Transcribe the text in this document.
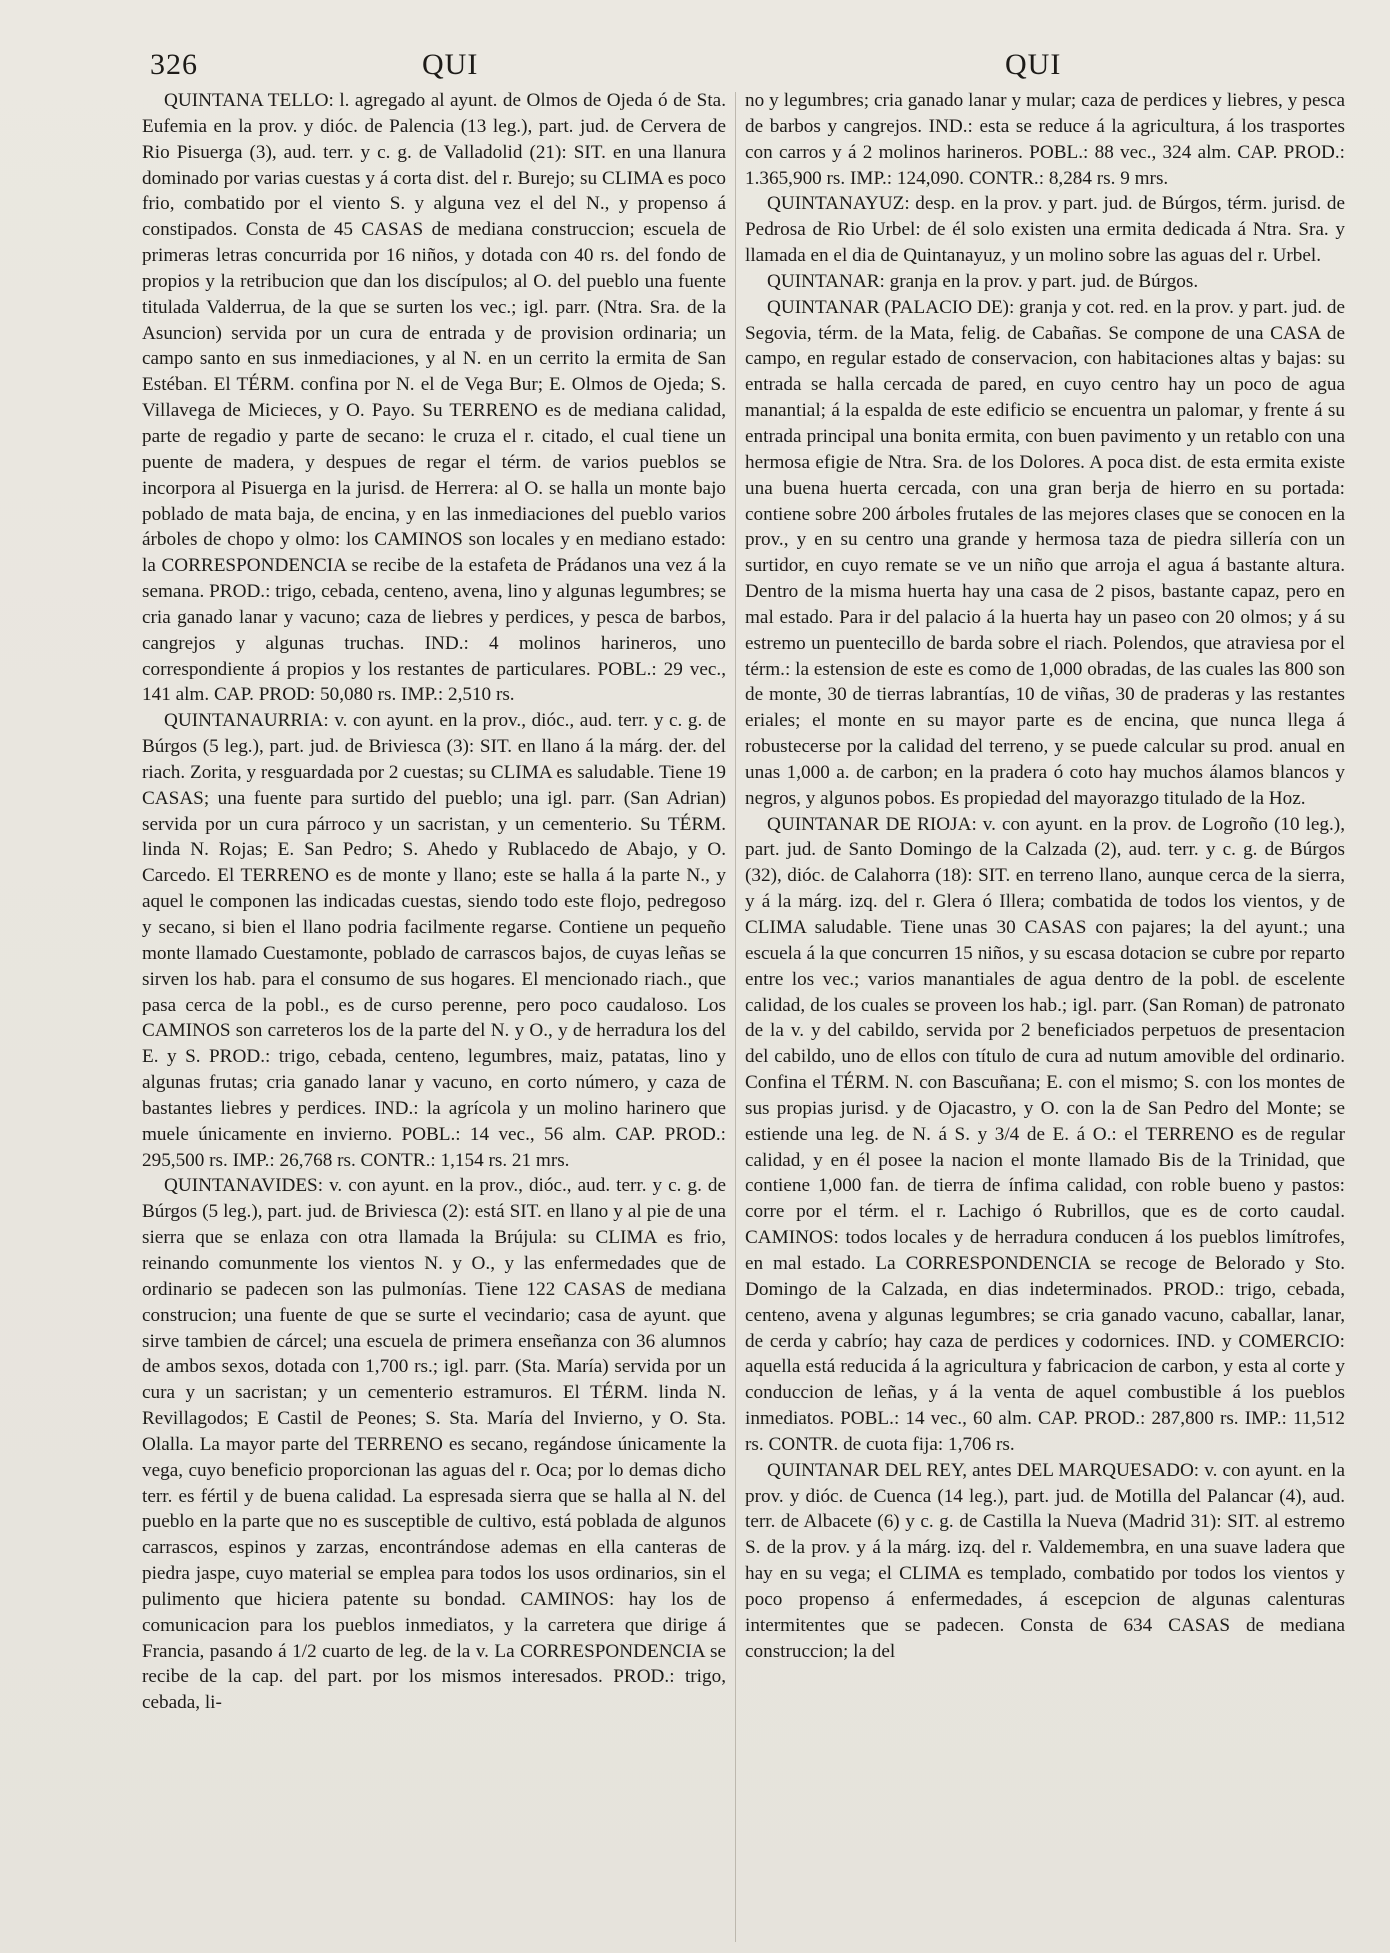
326	QUI	QUI

QUINTANA TELLO: l. agregado al ayunt. de Olmos de Ojeda ó de Sta. Eufemia en la prov. y dióc. de Palencia (13 leg.), part. jud. de Cervera de Rio Pisuerga (3), aud. terr. y c. g. de Valladolid (21): SIT. en una llanura dominado por varias cuestas y á corta dist. del r. Burejo; su CLIMA es poco frio, combatido por el viento S. y alguna vez el del N., y propenso á constipados. Consta de 45 CASAS de mediana construccion; escuela de primeras letras concurrida por 16 niños, y dotada con 40 rs. del fondo de propios y la retribucion que dan los discípulos; al O. del pueblo una fuente titulada Valderrua, de la que se surten los vec.; igl. parr. (Ntra. Sra. de la Asuncion) servida por un cura de entrada y de provision ordinaria; un campo santo en sus inmediaciones, y al N. en un cerrito la ermita de San Estéban. El TÉRM. confina por N. el de Vega Bur; E. Olmos de Ojeda; S. Villavega de Micieces, y O. Payo. Su TERRENO es de mediana calidad, parte de regadio y parte de secano: le cruza el r. citado, el cual tiene un puente de madera, y despues de regar el térm. de varios pueblos se incorpora al Pisuerga en la jurisd. de Herrera: al O. se halla un monte bajo poblado de mata baja, de encina, y en las inmediaciones del pueblo varios árboles de chopo y olmo: los CAMINOS son locales y en mediano estado: la CORRESPONDENCIA se recibe de la estafeta de Prádanos una vez á la semana. PROD.: trigo, cebada, centeno, avena, lino y algunas legumbres; se cria ganado lanar y vacuno; caza de liebres y perdices, y pesca de barbos, cangrejos y algunas truchas. IND.: 4 molinos harineros, uno correspondiente á propios y los restantes de particulares. POBL.: 29 vec., 141 alm. CAP. PROD: 50,080 rs. IMP.: 2,510 rs.

QUINTANAURRIA: v. con ayunt. en la prov., dióc., aud. terr. y c. g. de Búrgos (5 leg.), part. jud. de Briviesca (3): SIT. en llano á la márg. der. del riach. Zorita, y resguardada por 2 cuestas; su CLIMA es saludable. Tiene 19 CASAS; una fuente para surtido del pueblo; una igl. parr. (San Adrian) servida por un cura párroco y un sacristan, y un cementerio. Su TÉRM. linda N. Rojas; E. San Pedro; S. Ahedo y Rublacedo de Abajo, y O. Carcedo. El TERRENO es de monte y llano; este se halla á la parte N., y aquel le componen las indicadas cuestas, siendo todo este flojo, pedregoso y secano, si bien el llano podria facilmente regarse. Contiene un pequeño monte llamado Cuestamonte, poblado de carrascos bajos, de cuyas leñas se sirven los hab. para el consumo de sus hogares. El mencionado riach., que pasa cerca de la pobl., es de curso perenne, pero poco caudaloso. Los CAMINOS son carreteros los de la parte del N. y O., y de herradura los del E. y S. PROD.: trigo, cebada, centeno, legumbres, maiz, patatas, lino y algunas frutas; cria ganado lanar y vacuno, en corto número, y caza de bastantes liebres y perdices. IND.: la agrícola y un molino harinero que muele únicamente en invierno. POBL.: 14 vec., 56 alm. CAP. PROD.: 295,500 rs. IMP.: 26,768 rs. CONTR.: 1,154 rs. 21 mrs.

QUINTANAVIDES: v. con ayunt. en la prov., dióc., aud. terr. y c. g. de Búrgos (5 leg.), part. jud. de Briviesca (2): está SIT. en llano y al pie de una sierra que se enlaza con otra llamada la Brújula: su CLIMA es frio, reinando comunmente los vientos N. y O., y las enfermedades que de ordinario se padecen son las pulmonías. Tiene 122 CASAS de mediana construcion; una fuente de que se surte el vecindario; casa de ayunt. que sirve tambien de cárcel; una escuela de primera enseñanza con 36 alumnos de ambos sexos, dotada con 1,700 rs.; igl. parr. (Sta. María) servida por un cura y un sacristan; y un cementerio estramuros. El TÉRM. linda N. Revillagodos; E Castil de Peones; S. Sta. María del Invierno, y O. Sta. Olalla. La mayor parte del TERRENO es secano, regándose únicamente la vega, cuyo beneficio proporcionan las aguas del r. Oca; por lo demas dicho terr. es fértil y de buena calidad. La espresada sierra que se halla al N. del pueblo en la parte que no es susceptible de cultivo, está poblada de algunos carrascos, espinos y zarzas, encontrándose ademas en ella canteras de piedra jaspe, cuyo material se emplea para todos los usos ordinarios, sin el pulimento que hiciera patente su bondad. CAMINOS: hay los de comunicacion para los pueblos inmediatos, y la carretera que dirige á Francia, pasando á 1/2 cuarto de leg. de la v. La CORRESPONDENCIA se recibe de la cap. del part. por los mismos interesados. PROD.: trigo, cebada, li-

no y legumbres; cria ganado lanar y mular; caza de perdices y liebres, y pesca de barbos y cangrejos. IND.: esta se reduce á la agricultura, á los trasportes con carros y á 2 molinos harineros. POBL.: 88 vec., 324 alm. CAP. PROD.: 1.365,900 rs. IMP.: 124,090. CONTR.: 8,284 rs. 9 mrs.

QUINTANAYUZ: desp. en la prov. y part. jud. de Búrgos, térm. jurisd. de Pedrosa de Rio Urbel: de él solo existen una ermita dedicada á Ntra. Sra. y llamada en el dia de Quintanayuz, y un molino sobre las aguas del r. Urbel.

QUINTANAR: granja en la prov. y part. jud. de Búrgos.

QUINTANAR (PALACIO DE): granja y cot. red. en la prov. y part. jud. de Segovia, térm. de la Mata, felig. de Cabañas. Se compone de una CASA de campo, en regular estado de conservacion, con habitaciones altas y bajas: su entrada se halla cercada de pared, en cuyo centro hay un poco de agua manantial; á la espalda de este edificio se encuentra un palomar, y frente á su entrada principal una bonita ermita, con buen pavimento y un retablo con una hermosa efigie de Ntra. Sra. de los Dolores. A poca dist. de esta ermita existe una buena huerta cercada, con una gran berja de hierro en su portada: contiene sobre 200 árboles frutales de las mejores clases que se conocen en la prov., y en su centro una grande y hermosa taza de piedra sillería con un surtidor, en cuyo remate se ve un niño que arroja el agua á bastante altura. Dentro de la misma huerta hay una casa de 2 pisos, bastante capaz, pero en mal estado. Para ir del palacio á la huerta hay un paseo con 20 olmos; y á su estremo un puentecillo de barda sobre el riach. Polendos, que atraviesa por el térm.: la estension de este es como de 1,000 obradas, de las cuales las 800 son de monte, 30 de tierras labrantías, 10 de viñas, 30 de praderas y las restantes eriales; el monte en su mayor parte es de encina, que nunca llega á robustecerse por la calidad del terreno, y se puede calcular su prod. anual en unas 1,000 a. de carbon; en la pradera ó coto hay muchos álamos blancos y negros, y algunos pobos. Es propiedad del mayorazgo titulado de la Hoz.

QUINTANAR DE RIOJA: v. con ayunt. en la prov. de Logroño (10 leg.), part. jud. de Santo Domingo de la Calzada (2), aud. terr. y c. g. de Búrgos (32), dióc. de Calahorra (18): SIT. en terreno llano, aunque cerca de la sierra, y á la márg. izq. del r. Glera ó Illera; combatida de todos los vientos, y de CLIMA saludable. Tiene unas 30 CASAS con pajares; la del ayunt.; una escuela á la que concurren 15 niños, y su escasa dotacion se cubre por reparto entre los vec.; varios manantiales de agua dentro de la pobl. de escelente calidad, de los cuales se proveen los hab.; igl. parr. (San Roman) de patronato de la v. y del cabildo, servida por 2 beneficiados perpetuos de presentacion del cabildo, uno de ellos con título de cura ad nutum amovible del ordinario. Confina el TÉRM. N. con Bascuñana; E. con el mismo; S. con los montes de sus propias jurisd. y de Ojacastro, y O. con la de San Pedro del Monte; se estiende una leg. de N. á S. y 3/4 de E. á O.: el TERRENO es de regular calidad, y en él posee la nacion el monte llamado Bis de la Trinidad, que contiene 1,000 fan. de tierra de ínfima calidad, con roble bueno y pastos: corre por el térm. el r. Lachigo ó Rubrillos, que es de corto caudal. CAMINOS: todos locales y de herradura conducen á los pueblos limítrofes, en mal estado. La CORRESPONDENCIA se recoge de Belorado y Sto. Domingo de la Calzada, en dias indeterminados. PROD.: trigo, cebada, centeno, avena y algunas legumbres; se cria ganado vacuno, caballar, lanar, de cerda y cabrío; hay caza de perdices y codornices. IND. y COMERCIO: aquella está reducida á la agricultura y fabricacion de carbon, y esta al corte y conduccion de leñas, y á la venta de aquel combustible á los pueblos inmediatos. POBL.: 14 vec., 60 alm. CAP. PROD.: 287,800 rs. IMP.: 11,512 rs. CONTR. de cuota fija: 1,706 rs.

QUINTANAR DEL REY, antes DEL MARQUESADO: v. con ayunt. en la prov. y dióc. de Cuenca (14 leg.), part. jud. de Motilla del Palancar (4), aud. terr. de Albacete (6) y c. g. de Castilla la Nueva (Madrid 31): SIT. al estremo S. de la prov. y á la márg. izq. del r. Valdemembra, en una suave ladera que hay en su vega; el CLIMA es templado, combatido por todos los vientos y poco propenso á enfermedades, á escepcion de algunas calenturas intermitentes que se padecen. Consta de 634 CASAS de mediana construccion; la del
